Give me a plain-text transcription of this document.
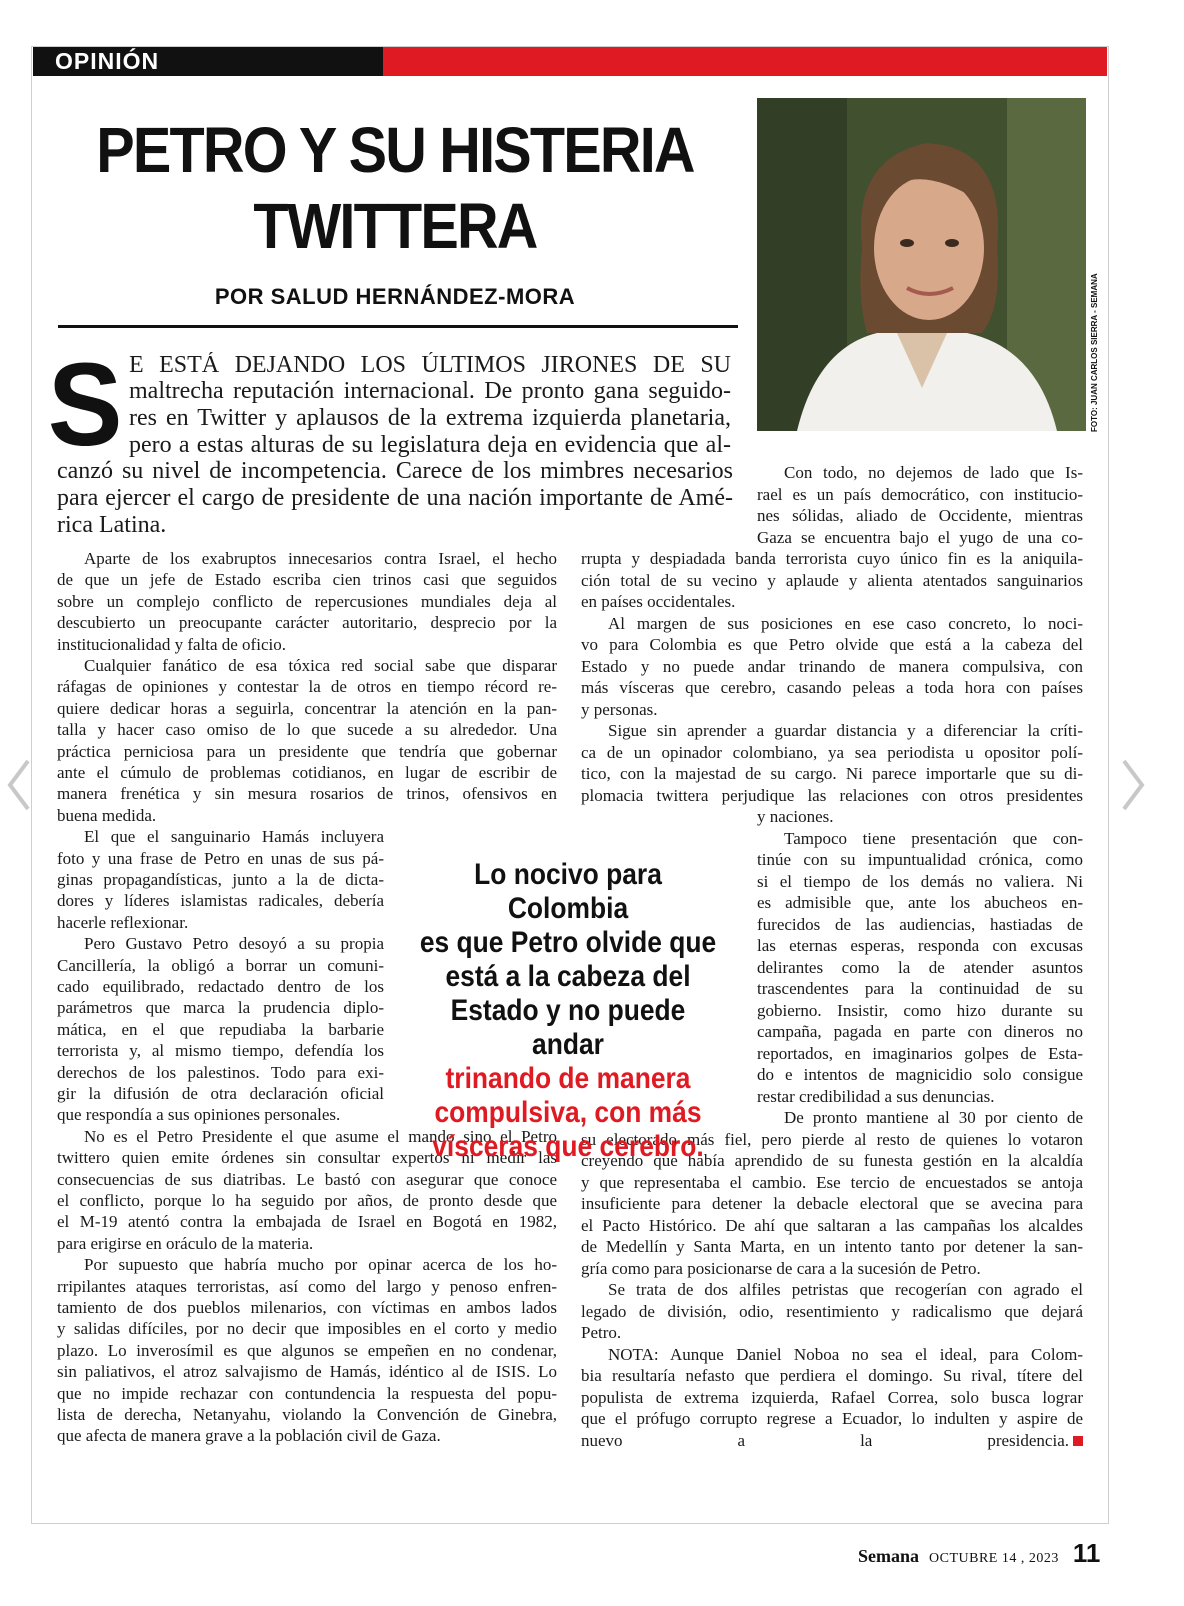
OPINIÓN
PETRO Y SU HISTERIA
TWITTERA
POR SALUD HERNÁNDEZ-MORA	FOTO: JUAN CARLOS SIERRA - SEMANA
S E ESTÁ DEJANDO LOS ÚLTIMOS JIRONES DE SU
maltrecha reputación internacional. De pronto gana seguido-
res en Twitter y aplausos de la extrema izquierda planetaria,
pero a estas alturas de su legislatura deja en evidencia que al-
canzó su nivel de incompetencia. Carece de los mimbres necesarios
para ejercer el cargo de presidente de una nación importante de Amé-
rica Latina.
Aparte de los exabruptos innecesarios contra Israel, el hecho
de que un jefe de Estado escriba cien trinos casi que seguidos
sobre un complejo conflicto de repercusiones mundiales deja al
descubierto un preocupante carácter autoritario, desprecio por la
institucionalidad y falta de oficio.
Cualquier fanático de esa tóxica red social sabe que disparar
ráfagas de opiniones y contestar la de otros en tiempo récord re-
quiere dedicar horas a seguirla, concentrar la atención en la pan-
talla y hacer caso omiso de lo que sucede a su alrededor. Una
práctica perniciosa para un presidente que tendría que gobernar
ante el cúmulo de problemas cotidianos, en lugar de escribir de
manera frenética y sin mesura rosarios de trinos, ofensivos en
buena medida.
El que el sanguinario Hamás incluyera
foto y una frase de Petro en unas de sus pá-
ginas propagandísticas, junto a la de dicta-
dores y líderes islamistas radicales, debería
hacerle reflexionar.
Pero Gustavo Petro desoyó a su propia
Cancillería, la obligó a borrar un comuni-
cado equilibrado, redactado dentro de los
parámetros que marca la prudencia diplo-
mática, en el que repudiaba la barbarie
terrorista y, al mismo tiempo, defendía los
derechos de los palestinos. Todo para exi-
gir la difusión de otra declaración oficial
que respondía a sus opiniones personales.
No es el Petro Presidente el que asume el mando sino el Petro
twittero quien emite órdenes sin consultar expertos ni medir las
consecuencias de sus diatribas. Le bastó con asegurar que conoce
el conflicto, porque lo ha seguido por años, de pronto desde que
el M-19 atentó contra la embajada de Israel en Bogotá en 1982,
para erigirse en oráculo de la materia.
Por supuesto que habría mucho por opinar acerca de los ho-
rripilantes ataques terroristas, así como del largo y penoso enfren-
tamiento de dos pueblos milenarios, con víctimas en ambos lados
y salidas difíciles, por no decir que imposibles en el corto y medio
plazo. Lo inverosímil es que algunos se empeñen en no condenar,
sin paliativos, el atroz salvajismo de Hamás, idéntico al de ISIS. Lo
que no impide rechazar con contundencia la respuesta del popu-
lista de derecha, Netanyahu, violando la Convención de Ginebra,
que afecta de manera grave a la población civil de Gaza.
Con todo, no dejemos de lado que Is-
rael es un país democrático, con institucio-
nes sólidas, aliado de Occidente, mientras
Gaza se encuentra bajo el yugo de una co-
rrupta y despiadada banda terrorista cuyo único fin es la aniquila-
ción total de su vecino y aplaude y alienta atentados sanguinarios
en países occidentales.
Al margen de sus posiciones en ese caso concreto, lo noci-
vo para Colombia es que Petro olvide que está a la cabeza del
Estado y no puede andar trinando de manera compulsiva, con
más vísceras que cerebro, casando peleas a toda hora con países
y personas.
Sigue sin aprender a guardar distancia y a diferenciar la críti-
ca de un opinador colombiano, ya sea periodista u opositor polí-
tico, con la majestad de su cargo. Ni parece importarle que su di-
plomacia twittera perjudique las relaciones con otros presidentes
y naciones.
Tampoco tiene presentación que con-
tinúe con su impuntualidad crónica, como
si el tiempo de los demás no valiera. Ni
es admisible que, ante los abucheos en-
furecidos de las audiencias, hastiadas de
las eternas esperas, responda con excusas
delirantes como la de atender asuntos
trascendentes para la continuidad de su
gobierno. Insistir, como hizo durante su
campaña, pagada en parte con dineros no
reportados, en imaginarios golpes de Esta-
do e intentos de magnicidio solo consigue
restar credibilidad a sus denuncias.
De pronto mantiene al 30 por ciento de
su electorado más fiel, pero pierde al resto de quienes lo votaron
creyendo que había aprendido de su funesta gestión en la alcaldía
y que representaba el cambio. Ese tercio de encuestados se antoja
insuficiente para detener la debacle electoral que se avecina para
el Pacto Histórico. De ahí que saltaran a las campañas los alcaldes
de Medellín y Santa Marta, en un intento tanto por detener la san-
gría como para posicionarse de cara a la sucesión de Petro.
Se trata de dos alfiles petristas que recogerían con agrado el
legado de división, odio, resentimiento y radicalismo que dejará
Petro.
NOTA: Aunque Daniel Noboa no sea el ideal, para Colom-
bia resultaría nefasto que perdiera el domingo. Su rival, títere del
populista de extrema izquierda, Rafael Correa, solo busca lograr
que el prófugo corrupto regrese a Ecuador, lo indulten y aspire de
nuevo a la presidencia.
Lo nocivo para Colombia
es que Petro olvide que
está a la cabeza del
Estado y no puede andar
trinando de manera
compulsiva, con más
vísceras que cerebro.
Semana OCTUBRE 14 , 2023 11
